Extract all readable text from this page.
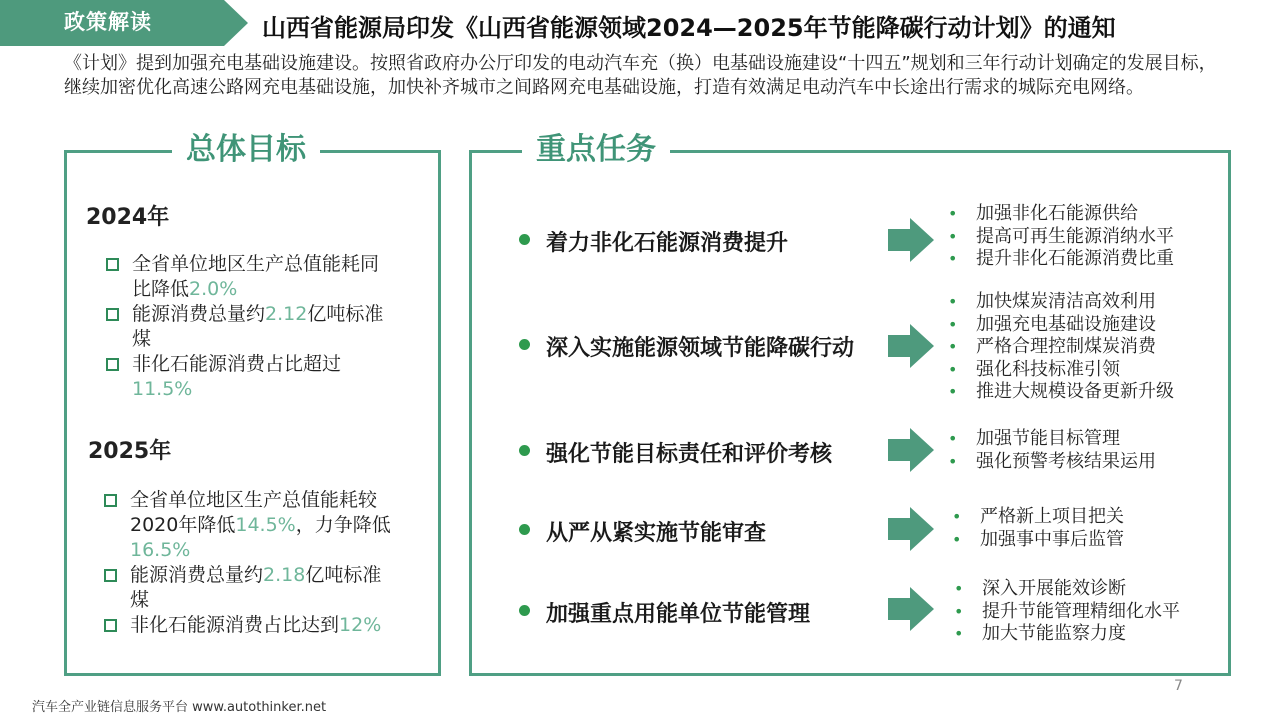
政策解读	山西省能源局印发《山西省能源领域2024—2025年节能降碳行动计划》的通知
《计划》提到加强充电基础设施建设。按照省政府办公厅印发的电动汽车充（换）电基础设施建设“十四五”规划和三年行动计划确定的发展目标，继续加密优化高速公路网充电基础设施，加快补齐城市之间路网充电基础设施，打造有效满足电动汽车中长途出行需求的城际充电网络。
总体目标
2024年
全省单位地区生产总值能耗同比降低2.0%
能源消费总量约2.12亿吨标准煤
非化石能源消费占比超过11.5%
2025年
全省单位地区生产总值能耗较2020年降低14.5%，力争降低16.5%
能源消费总量约2.18亿吨标准煤
非化石能源消费占比达到12%
重点任务
着力非化石能源消费提升
• 加强非化石能源供给
• 提高可再生能源消纳水平
• 提升非化石能源消费比重
深入实施能源领域节能降碳行动
• 加快煤炭清洁高效利用
• 加强充电基础设施建设
• 严格合理控制煤炭消费
• 强化科技标准引领
• 推进大规模设备更新升级
强化节能目标责任和评价考核
• 加强节能目标管理
• 强化预警考核结果运用
从严从紧实施节能审查
• 严格新上项目把关
• 加强事中事后监管
加强重点用能单位节能管理
• 深入开展能效诊断
• 提升节能管理精细化水平
• 加大节能监察力度
汽车全产业链信息服务平台 www.autothinker.net
7
